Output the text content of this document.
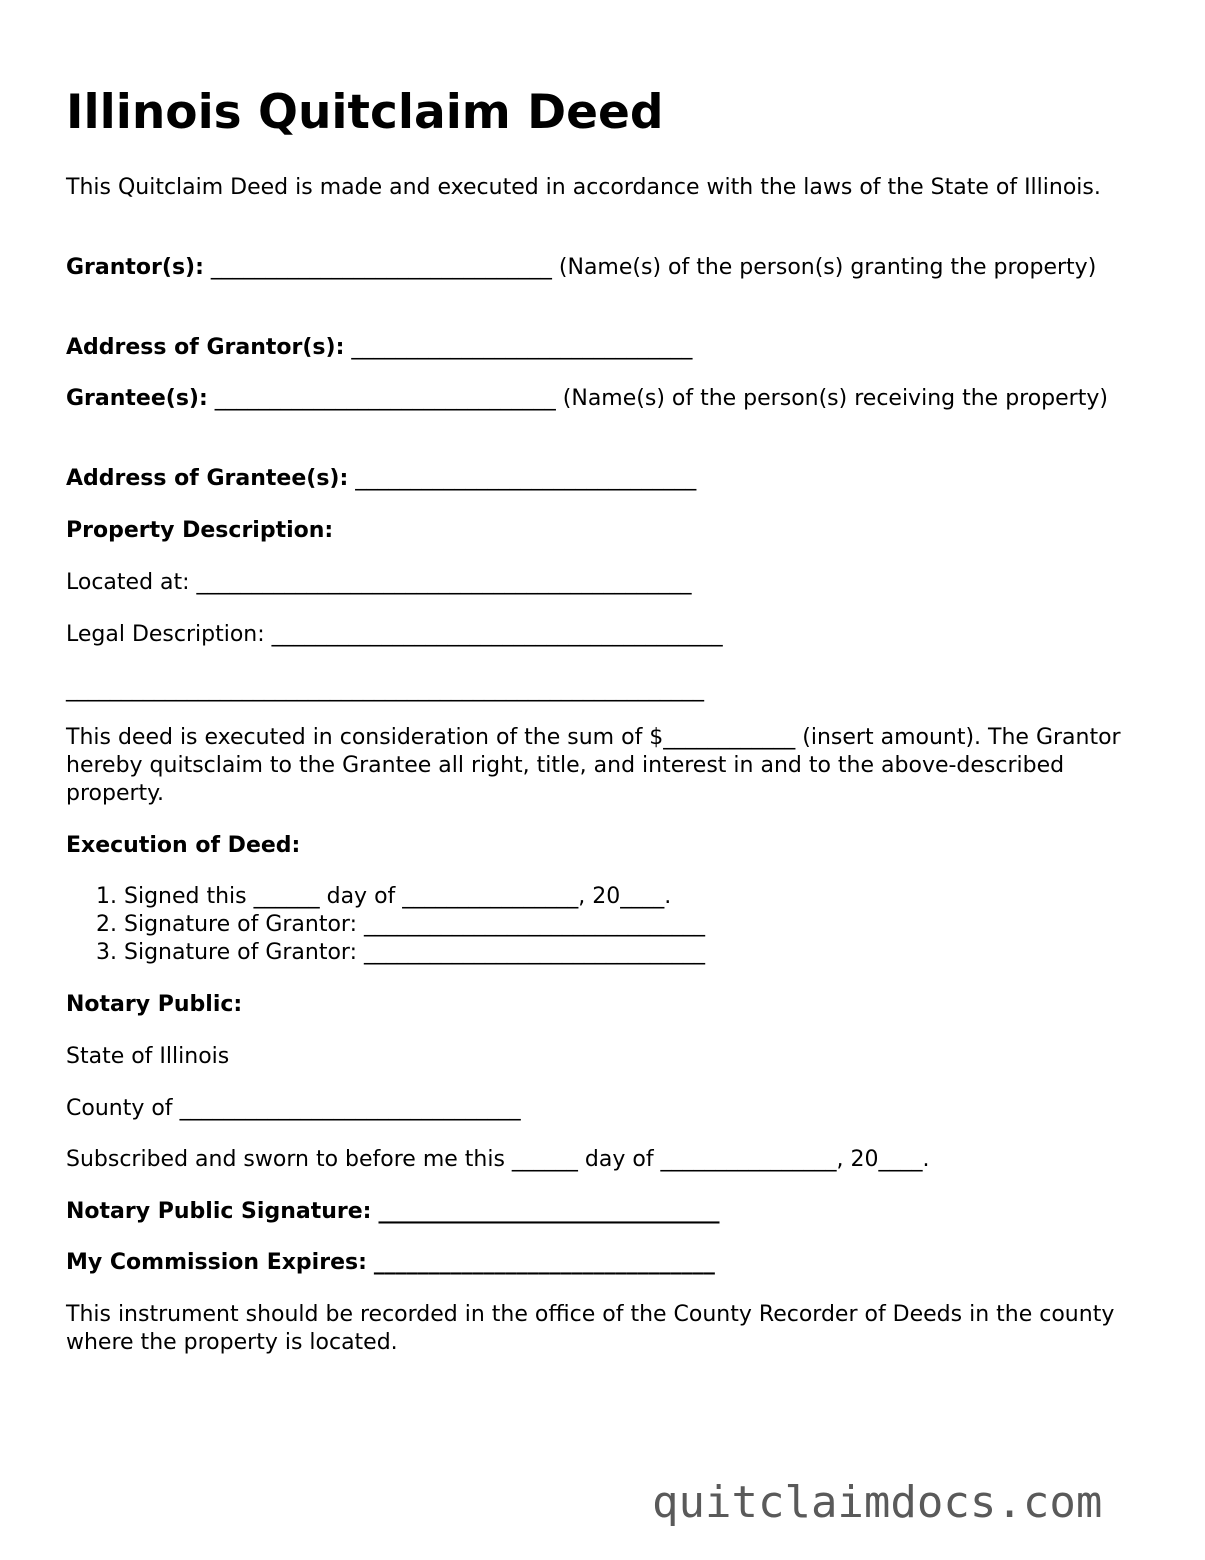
Illinois Quitclaim Deed

This Quitclaim Deed is made and executed in accordance with the laws of the State of Illinois.

Grantor(s): _______________________________ (Name(s) of the person(s) granting the property)

Address of Grantor(s): _______________________________

Grantee(s): _______________________________ (Name(s) of the person(s) receiving the property)

Address of Grantee(s): _______________________________

Property Description:

Located at: _____________________________________________

Legal Description: _________________________________________

__________________________________________________________

This deed is executed in consideration of the sum of $____________ (insert amount). The Grantor hereby quitsclaim to the Grantee all right, title, and interest in and to the above-described property.

Execution of Deed:

1. Signed this ______ day of ________________, 20____.
2. Signature of Grantor: _______________________________
3. Signature of Grantor: _______________________________

Notary Public:

State of Illinois

County of _______________________________

Subscribed and sworn to before me this ______ day of ________________, 20____.

Notary Public Signature: _______________________________

My Commission Expires: _______________________________

This instrument should be recorded in the office of the County Recorder of Deeds in the county where the property is located.

quitclaimdocs.com
